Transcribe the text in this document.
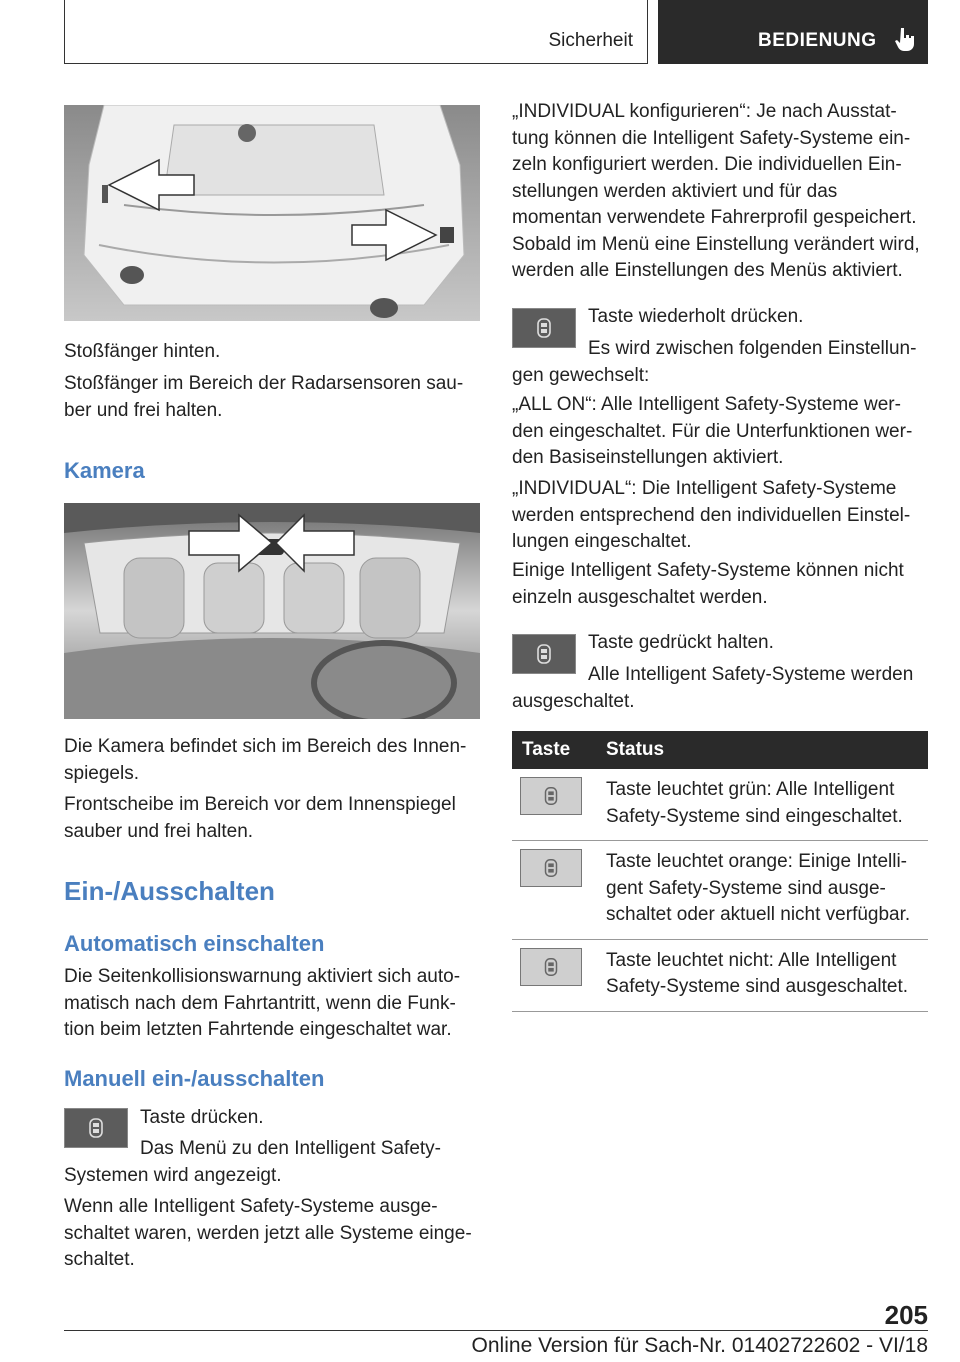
Sicherheit	BEDIENUNG

Stoßfänger hinten.

Stoßfänger im Bereich der Radarsensoren sau-ber und frei halten.

Kamera

Die Kamera befindet sich im Bereich des Innen-spiegels.

Frontscheibe im Bereich vor dem Innenspiegel sauber und frei halten.

Ein-/Ausschalten
Automatisch einschalten

Die Seitenkollisionswarnung aktiviert sich auto-matisch nach dem Fahrtantritt, wenn die Funk-tion beim letzten Fahrtende eingeschaltet war.

Manuell ein-/ausschalten

Taste drücken.

Das Menü zu den Intelligent Safety-Systemen wird angezeigt.

Wenn alle Intelligent Safety-Systeme ausge-schaltet waren, werden jetzt alle Systeme einge-schaltet.

„INDIVIDUAL konfigurieren“: Je nach Ausstat-tung können die Intelligent Safety-Systeme ein-zeln konfiguriert werden. Die individuellen Ein-stellungen werden aktiviert und für das momentan verwendete Fahrerprofil gespeichert. Sobald im Menü eine Einstellung verändert wird, werden alle Einstellungen des Menüs aktiviert.

Taste wiederholt drücken.

Es wird zwischen folgenden Einstellun-gen gewechselt:

„ALL ON“: Alle Intelligent Safety-Systeme wer-den eingeschaltet. Für die Unterfunktionen wer-den Basiseinstellungen aktiviert.

„INDIVIDUAL“: Die Intelligent Safety-Systeme werden entsprechend den individuellen Einstel-lungen eingeschaltet.

Einige Intelligent Safety-Systeme können nicht einzeln ausgeschaltet werden.

Taste gedrückt halten.

Alle Intelligent Safety-Systeme werden ausgeschaltet.

Taste	Status

	Taste leuchtet grün: Alle Intelligent Safety-Systeme sind eingeschaltet.

	Taste leuchtet orange: Einige Intelli-gent Safety-Systeme sind ausge-schaltet oder aktuell nicht verfügbar.

	Taste leuchtet nicht: Alle Intelligent Safety-Systeme sind ausgeschaltet.
205
Online Version für Sach-Nr. 01402722602 - VI/18
